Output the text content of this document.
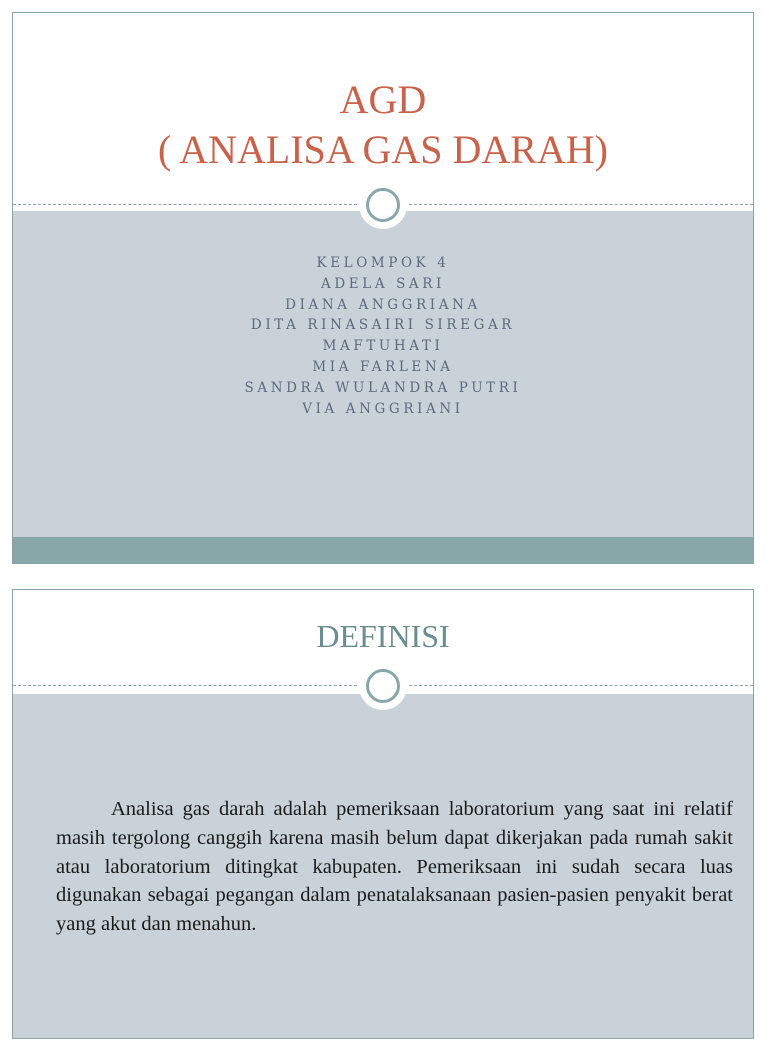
AGD
( ANALISA GAS DARAH)
KELOMPOK 4
ADELA SARI
DIANA ANGGRIANA
DITA RINASAIRI SIREGAR
MAFTUHATI
MIA FARLENA
SANDRA WULANDRA PUTRI
VIA ANGGRIANI
DEFINISI

Analisa gas darah adalah pemeriksaan laboratorium yang saat ini relatif masih tergolong canggih karena masih belum dapat dikerjakan pada rumah sakit atau laboratorium ditingkat kabupaten. Pemeriksaan ini sudah secara luas digunakan sebagai pegangan dalam penatalaksanaan pasien-pasien penyakit berat yang akut dan menahun.
